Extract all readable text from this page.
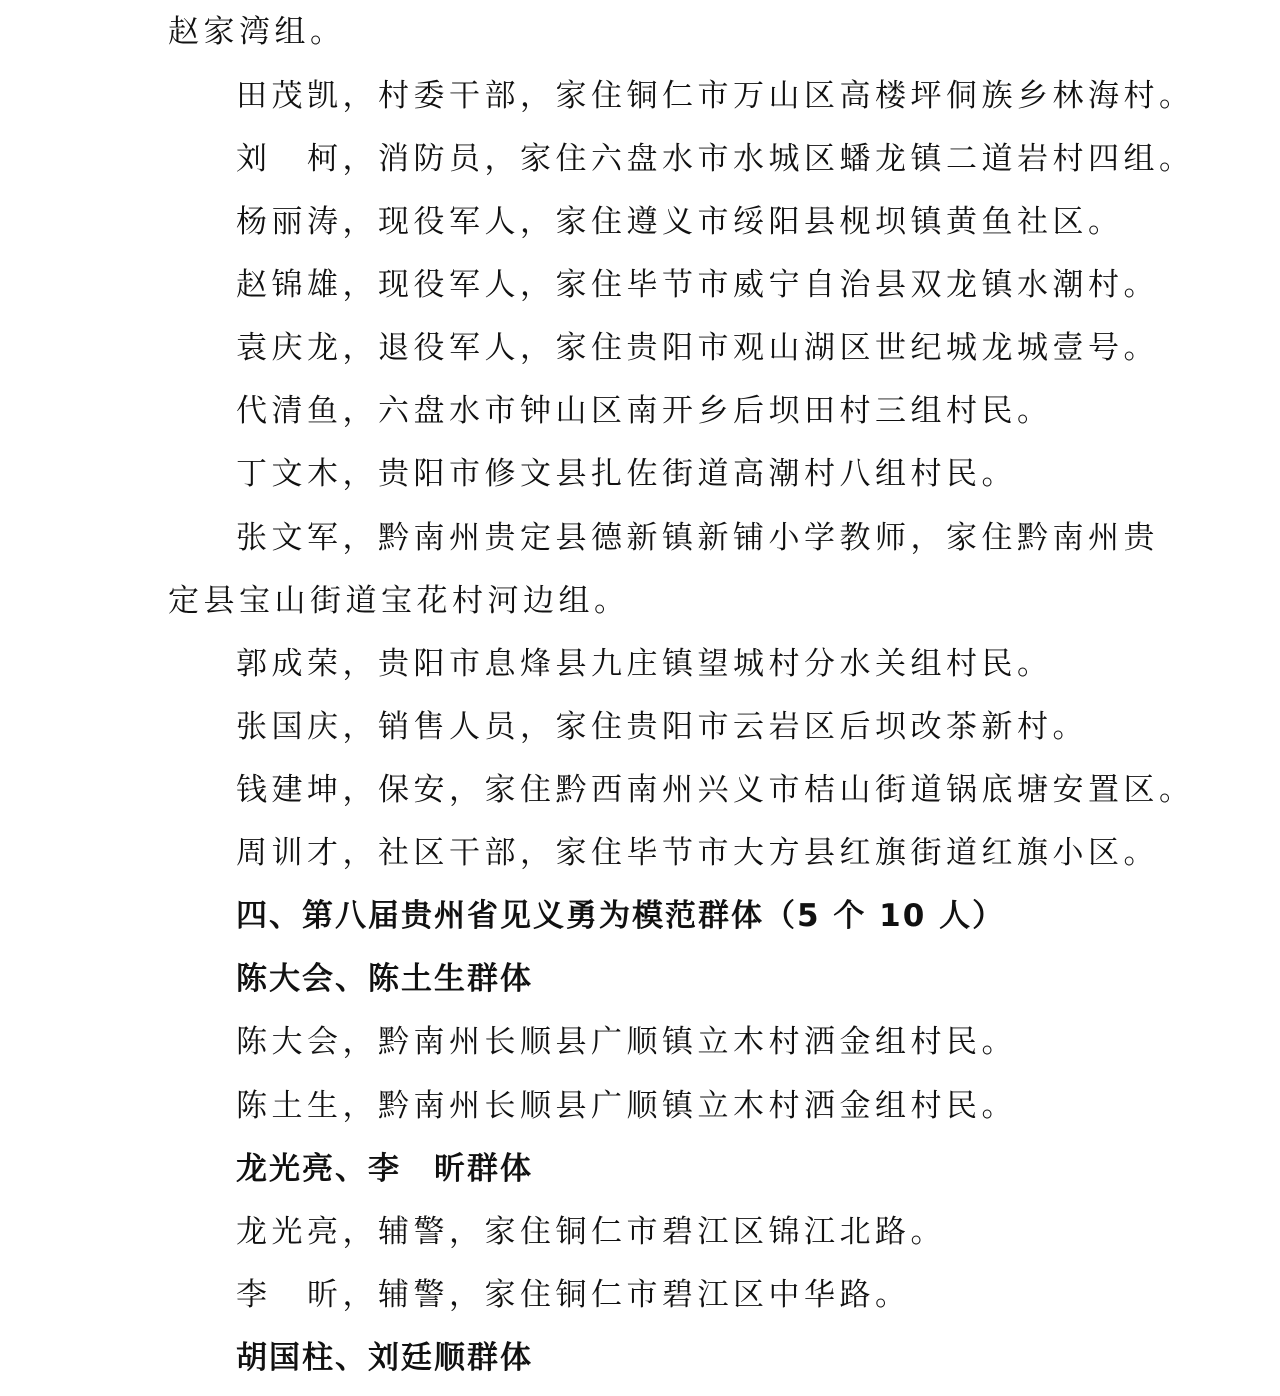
赵家湾组。
田茂凯，村委干部，家住铜仁市万山区高楼坪侗族乡林海村。
刘　柯，消防员，家住六盘水市水城区蟠龙镇二道岩村四组。
杨丽涛，现役军人，家住遵义市绥阳县枧坝镇黄鱼社区。
赵锦雄，现役军人，家住毕节市威宁自治县双龙镇水潮村。
袁庆龙，退役军人，家住贵阳市观山湖区世纪城龙城壹号。
代清鱼，六盘水市钟山区南开乡后坝田村三组村民。
丁文木，贵阳市修文县扎佐街道高潮村八组村民。
张文军，黔南州贵定县德新镇新铺小学教师，家住黔南州贵
定县宝山街道宝花村河边组。
郭成荣，贵阳市息烽县九庄镇望城村分水关组村民。
张国庆，销售人员，家住贵阳市云岩区后坝改茶新村。
钱建坤，保安，家住黔西南州兴义市桔山街道锅底塘安置区。
周训才，社区干部，家住毕节市大方县红旗街道红旗小区。
四、第八届贵州省见义勇为模范群体（5 个 10 人）
陈大会、陈土生群体
陈大会，黔南州长顺县广顺镇立木村洒金组村民。
陈土生，黔南州长顺县广顺镇立木村洒金组村民。
龙光亮、李　昕群体
龙光亮，辅警，家住铜仁市碧江区锦江北路。
李　昕，辅警，家住铜仁市碧江区中华路。
胡国柱、刘廷顺群体
